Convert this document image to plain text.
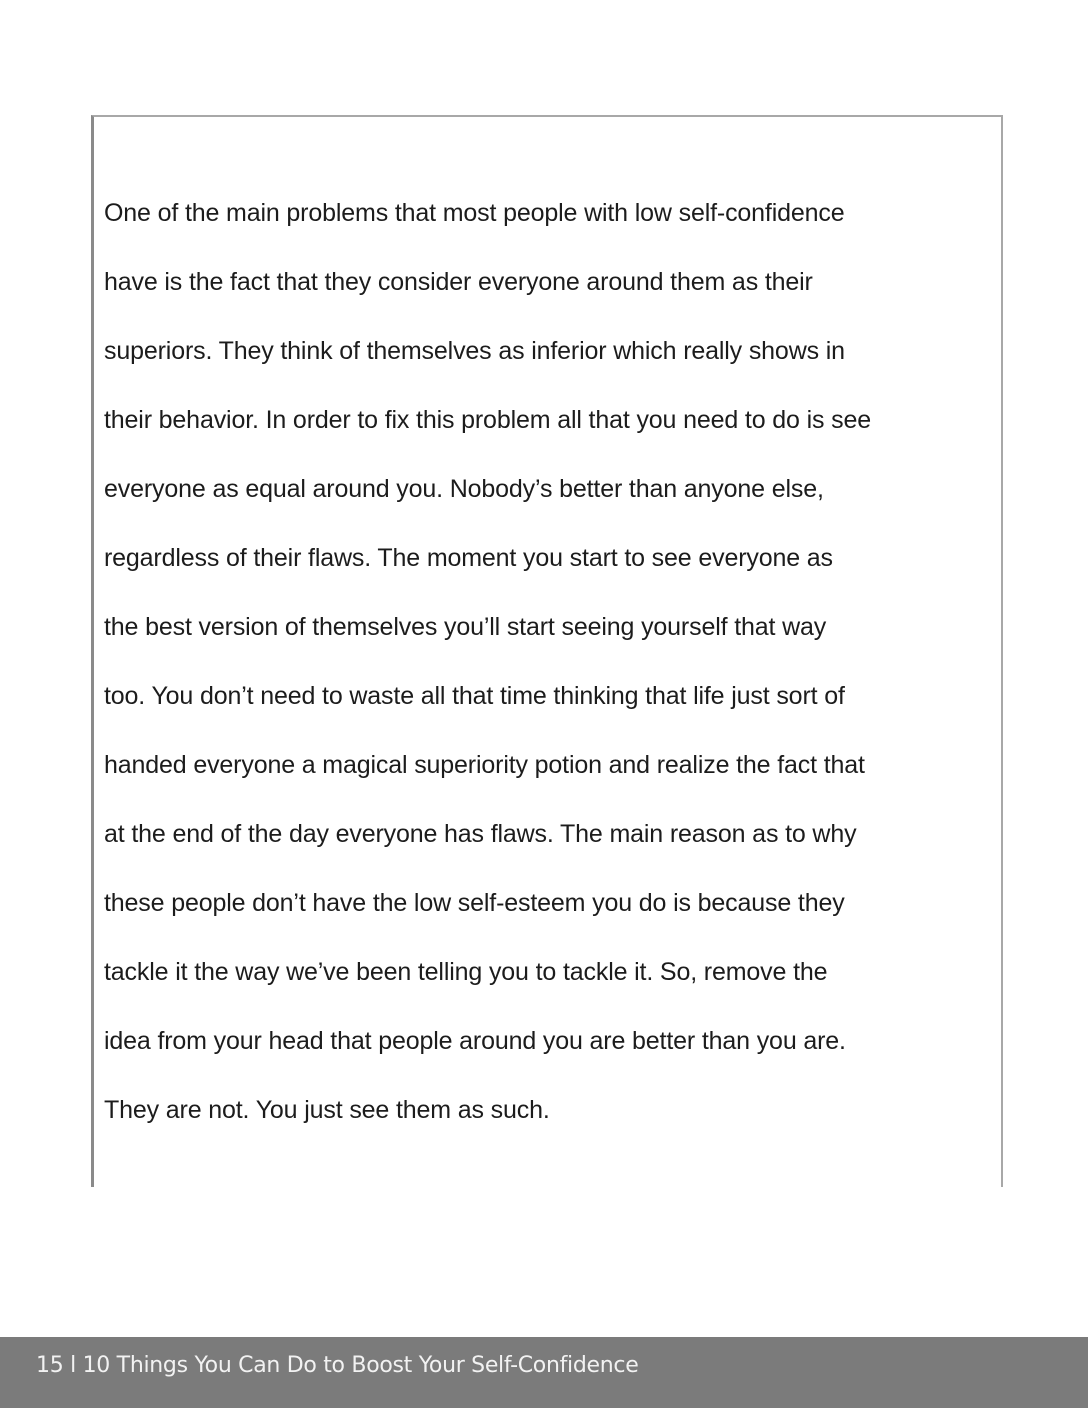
One of the main problems that most people with low self-confidence
have is the fact that they consider everyone around them as their
superiors. They think of themselves as inferior which really shows in
their behavior. In order to fix this problem all that you need to do is see
everyone as equal around you. Nobody’s better than anyone else,
regardless of their flaws. The moment you start to see everyone as
the best version of themselves you’ll start seeing yourself that way
too. You don’t need to waste all that time thinking that life just sort of
handed everyone a magical superiority potion and realize the fact that
at the end of the day everyone has flaws. The main reason as to why
these people don’t have the low self-esteem you do is because they
tackle it the way we’ve been telling you to tackle it. So, remove the
idea from your head that people around you are better than you are.
They are not. You just see them as such.
15 l 10 Things You Can Do to Boost Your Self-Confidence
